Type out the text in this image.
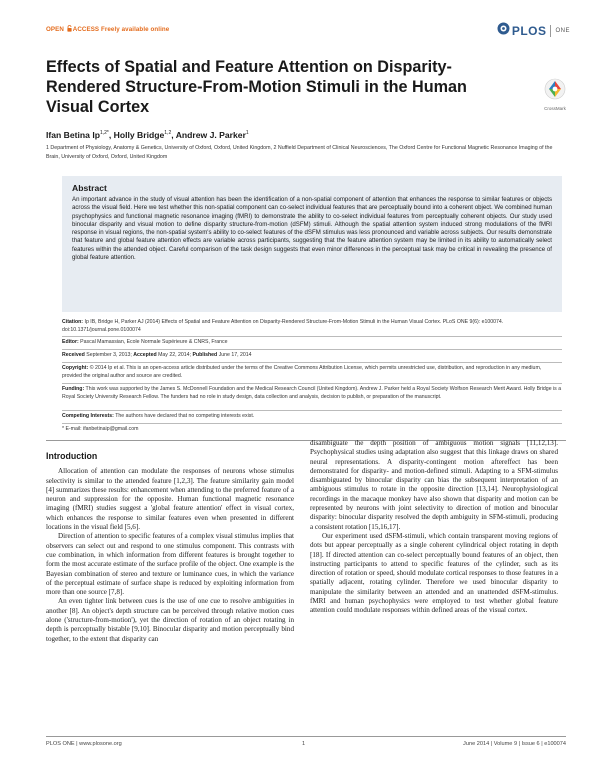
OPEN ACCESS Freely available online	PLOS ONE
Effects of Spatial and Feature Attention on Disparity-Rendered Structure-From-Motion Stimuli in the Human Visual Cortex	CrossMark
Ifan Betina $Ip^{1,2*}$, Holly Bridge$^{1,2}$, Andrew J. Parker$^1$
1 Department of Physiology, Anatomy & Genetics, University of Oxford, Oxford, United Kingdom, 2 Nuffield Department of Clinical Neurosciences, The Oxford Centre for Functional Magnetic Resonance Imaging of the Brain, University of Oxford, Oxford, United Kingdom
Abstract
An important advance in the study of visual attention has been the identification of a non-spatial component of attention that enhances the response to similar features or objects across the visual field. Here we test whether this non-spatial component can co-select individual features that are perceptually bound into a coherent object. We combined human psychophysics and functional magnetic resonance imaging (fMRI) to demonstrate the ability to co-select individual features from perceptually coherent objects. Our study used binocular disparity and visual motion to define disparity structure-from-motion (dSFM) stimuli. Although the spatial attention system induced strong modulations of the fMRI response in visual regions, the non-spatial system's ability to co-select features of the dSFM stimulus was less pronounced and variable across subjects. Our results demonstrate that feature and global feature attention effects are variable across participants, suggesting that the feature attention system may be limited in its ability to automatically select features within the attended object. Careful comparison of the task design suggests that even minor differences in the perceptual task may be critical in revealing the presence of global feature attention.
Citation: Ip IB, Bridge H, Parker AJ (2014) Effects of Spatial and Feature Attention on Disparity-Rendered Structure-From-Motion Stimuli in the Human Visual Cortex. PLoS ONE 9(6): e100074. doi:10.1371/journal.pone.0100074
Editor: Pascal Mamassian, Ecole Normale Supérieure & CNRS, France
Received September 3, 2013; Accepted May 22, 2014; Published June 17, 2014
Copyright: © 2014 Ip et al. This is an open-access article distributed under the terms of the Creative Commons Attribution License, which permits unrestricted use, distribution, and reproduction in any medium, provided the original author and source are credited.
Funding: This work was supported by the James S. McDonnell Foundation and the Medical Research Council (United Kingdom). Andrew J. Parker held a Royal Society Wolfson Research Merit Award. Holly Bridge is a Royal Society University Research Fellow. The funders had no role in study design, data collection and analysis, decision to publish, or preparation of the manuscript.
Competing Interests: The authors have declared that no competing interests exist.
* E-mail: ifanbetinaip@gmail.com
Introduction

Allocation of attention can modulate the responses of neurons whose stimulus selectivity is similar to the attended feature [1,2,3]. The feature similarity gain model [4] summarizes these results: enhancement when attending to the preferred feature of a neuron and suppression for the opposite. Human functional magnetic resonance imaging (fMRI) studies suggest a 'global feature attention' effect in visual cortex, which enhances the response to similar features even when presented in different locations in the visual field [5,6].

Direction of attention to specific features of a complex visual stimulus implies that observers can select out and respond to one stimulus component. This contrasts with cue combination, in which information from different features is brought together to form the most accurate estimate of the surface profile of the object. One example is the Bayesian combination of stereo and texture or luminance cues, in which the variance of the perceptual estimate of surface shape is reduced by exploiting information from more than one source [7,8].

An even tighter link between cues is the use of one cue to resolve ambiguities in another [8]. An object's depth structure can be perceived through relative motion cues alone ('structure-from-motion'), yet the direction of rotation of an object rotating in depth is perceptually bistable [9,10]. Binocular disparity and motion perceptually bind together, to the extent that disparity can

disambiguate the depth position of ambiguous motion signals [11,12,13]. Psychophysical studies using adaptation also suggest that this linkage draws on shared neural representations. A disparity-contingent motion aftereffect has been demonstrated for disparity- and motion-defined stimuli. Adapting to a SFM-stimulus disambiguated by binocular disparity can bias the subsequent interpretation of an ambiguous stimulus to rotate in the opposite direction [13,14]. Neurophysiological recordings in the macaque monkey have also shown that disparity and motion can be represented by neurons with joint selectivity to direction of motion and binocular disparity: binocular disparity resolved the depth ambiguity in SFM-stimuli, producing a consistent rotation [15,16,17].

Our experiment used dSFM-stimuli, which contain transparent moving regions of dots but appear perceptually as a single coherent cylindrical object rotating in depth [18]. If directed attention can co-select perceptually bound features of an object, then instructing participants to attend to specific features of the cylinder, such as its direction of rotation or speed, should modulate cortical responses to those features in a spatially adjacent, rotating cylinder. Therefore we used binocular disparity to manipulate the similarity between an attended and an unattended dSFM-stimulus. fMRI and human psychophysics were employed to test whether global feature attention could modulate responses within defined areas of the visual cortex.

PLOS ONE | www.plosone.org	1	June 2014 | Volume 9 | Issue 6 | e100074
